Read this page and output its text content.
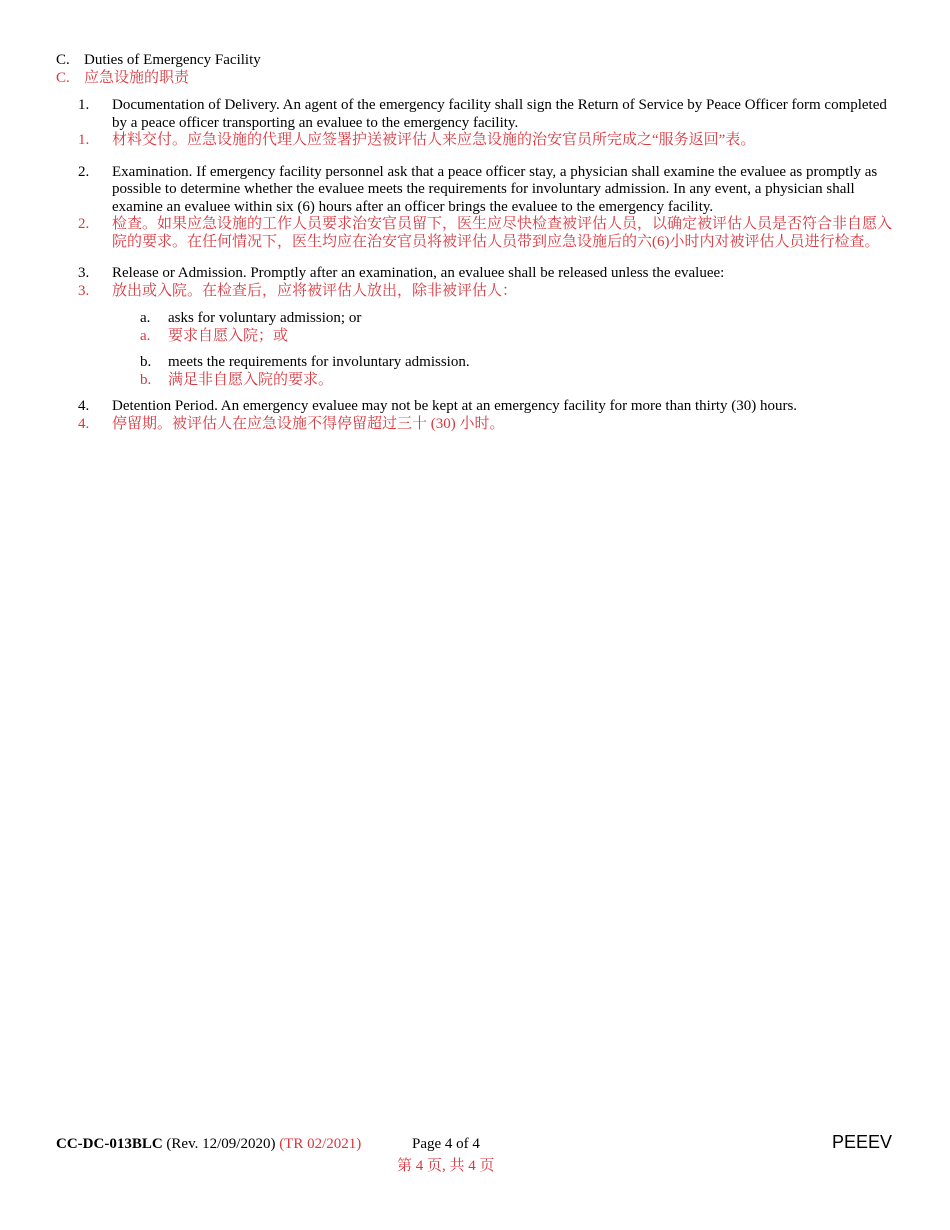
C. Duties of Emergency Facility
C. 应急设施的职责
1.	Documentation of Delivery. An agent of the emergency facility shall sign the Return of Service by Peace Officer form completed by a peace officer transporting an evaluee to the emergency facility.
1.	材料交付。应急设施的代理人应签署护送被评估人来应急设施的治安官员所完成之“服务返回”表。
2.	Examination. If emergency facility personnel ask that a peace officer stay, a physician shall examine the evaluee as promptly as possible to determine whether the evaluee meets the requirements for involuntary admission. In any event, a physician shall examine an evaluee within six (6) hours after an officer brings the evaluee to the emergency facility.
2.	检查。如果应急设施的工作人员要求治安官员留下，医生应尽快检查被评估人员，以确定被评估人员是否符合非自愿入院的要求。在任何情况下，医生均应在治安官员将被评估人员带到应急设施后的六(6)小时内对被评估人员进行检查。
3.	Release or Admission. Promptly after an examination, an evaluee shall be released unless the evaluee:
3.	放出或入院。在检查后，应将被评估人放出，除非被评估人：
a.	asks for voluntary admission; or
a.	要求自愿入院；或
b.	meets the requirements for involuntary admission.
b.	满足非自愿入院的要求。
4.	Detention Period. An emergency evaluee may not be kept at an emergency facility for more than thirty (30) hours.
4.	停留期。被评估人在应急设施不得停留超过三十 (30) 小时。
CC-DC-013BLC (Rev. 12/09/2020) (TR 02/2021)	Page 4 of 4
第 4 页, 共 4 页
PEEEV
